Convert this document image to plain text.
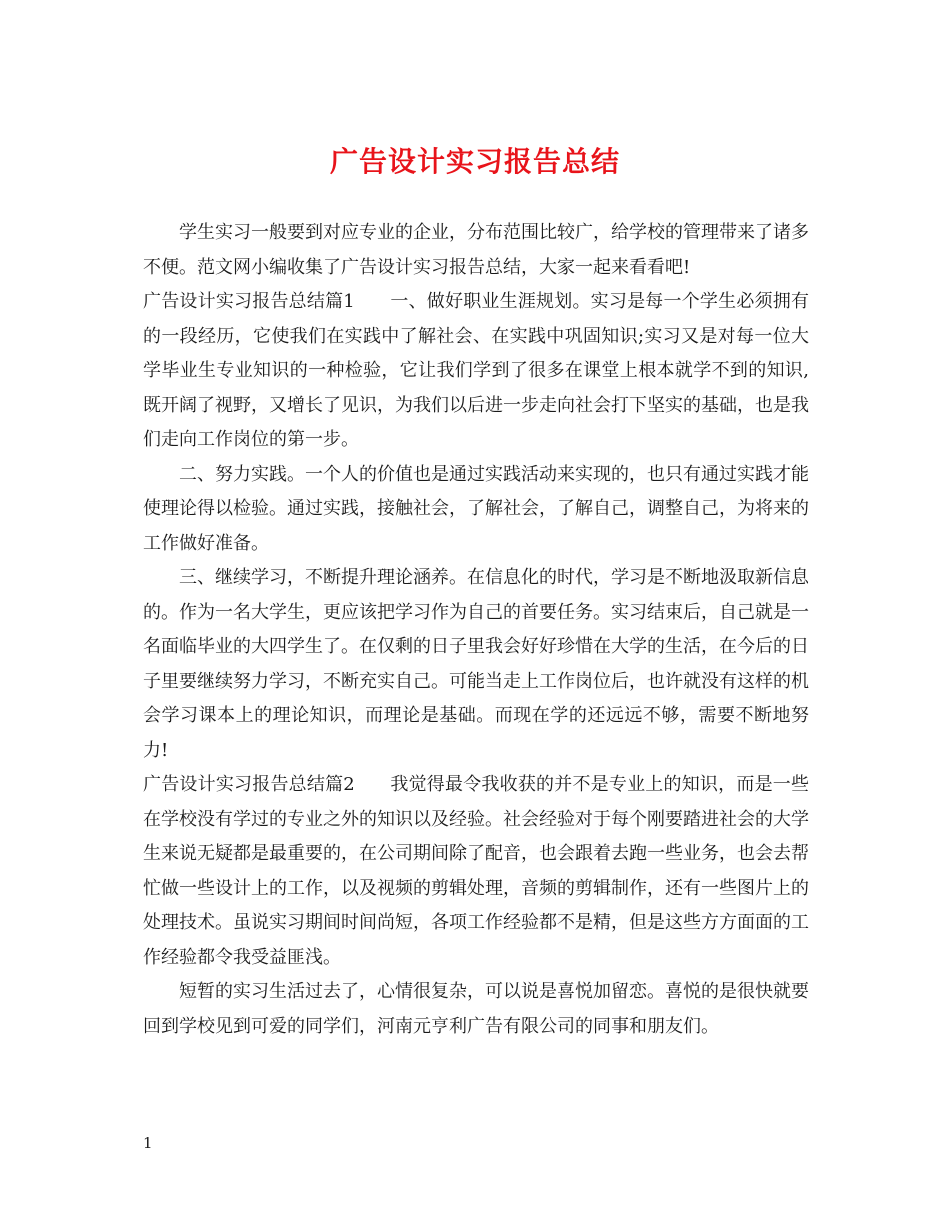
广告设计实习报告总结

学生实习一般要到对应专业的企业，分布范围比较广，给学校的管理带来了诸多不便。范文网小编收集了广告设计实习报告总结，大家一起来看看吧!

广告设计实习报告总结篇1 一、做好职业生涯规划。实习是每一个学生必须拥有的一段经历，它使我们在实践中了解社会、在实践中巩固知识;实习又是对每一位大学毕业生专业知识的一种检验，它让我们学到了很多在课堂上根本就学不到的知识,既开阔了视野，又增长了见识，为我们以后进一步走向社会打下坚实的基础，也是我们走向工作岗位的第一步。

二、努力实践。一个人的价值也是通过实践活动来实现的，也只有通过实践才能使理论得以检验。通过实践，接触社会，了解社会，了解自己，调整自己，为将来的工作做好准备。

三、继续学习，不断提升理论涵养。在信息化的时代，学习是不断地汲取新信息的。作为一名大学生，更应该把学习作为自己的首要任务。实习结束后，自己就是一名面临毕业的大四学生了。在仅剩的日子里我会好好珍惜在大学的生活，在今后的日子里要继续努力学习，不断充实自己。可能当走上工作岗位后，也许就没有这样的机会学习课本上的理论知识，而理论是基础。而现在学的还远远不够，需要不断地努力!

广告设计实习报告总结篇2 我觉得最令我收获的并不是专业上的知识，而是一些在学校没有学过的专业之外的知识以及经验。社会经验对于每个刚要踏进社会的大学生来说无疑都是最重要的，在公司期间除了配音，也会跟着去跑一些业务，也会去帮忙做一些设计上的工作，以及视频的剪辑处理，音频的剪辑制作，还有一些图片上的处理技术。虽说实习期间时间尚短，各项工作经验都不是精，但是这些方方面面的工作经验都令我受益匪浅。

短暂的实习生活过去了，心情很复杂，可以说是喜悦加留恋。喜悦的是很快就要回到学校见到可爱的同学们，河南元亨利广告有限公司的同事和朋友们。

1
